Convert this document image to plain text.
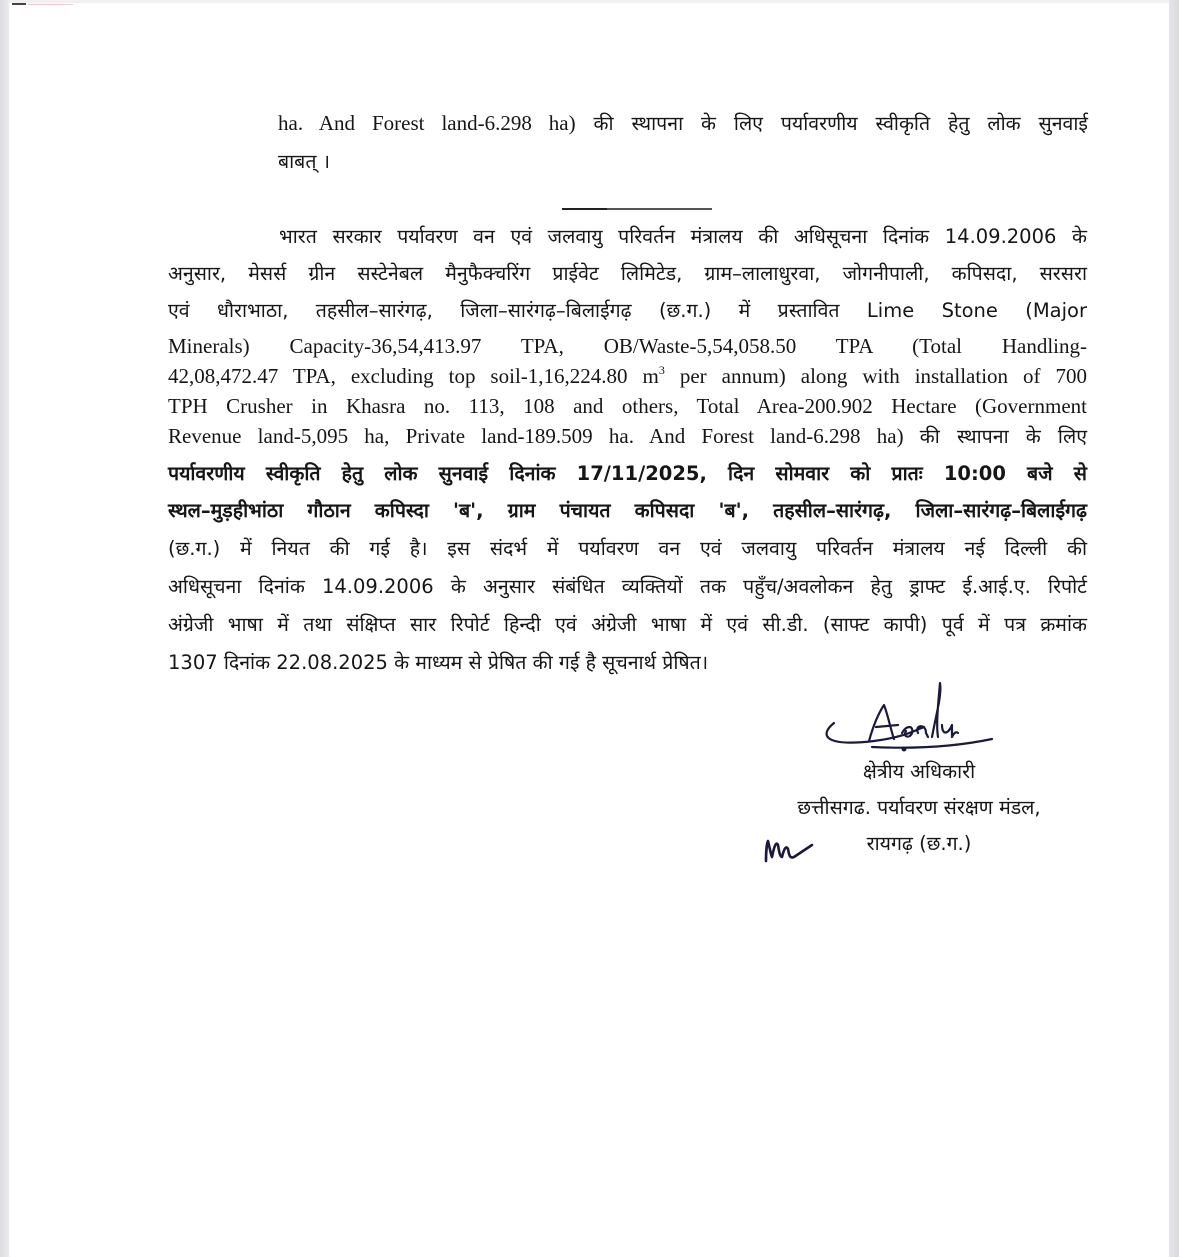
ha. And Forest land-6.298 ha) की स्थापना के लिए पर्यावरणीय स्वीकृति हेतु लोक सुनवाई
बाबत् ।
भारत सरकार पर्यावरण वन एवं जलवायु परिवर्तन मंत्रालय की अधिसूचना दिनांक 14.09.2006 के
अनुसार, मेसर्स ग्रीन सस्टेनेबल मैनुफैक्चरिंग प्राईवेट लिमिटेड, ग्राम–लालाधुरवा, जोगनीपाली, कपिसदा, सरसरा
एवं धौराभाठा, तहसील–सारंगढ़, जिला–सारंगढ़–बिलाईगढ़ (छ.ग.) में प्रस्तावित Lime Stone (Major
Minerals) Capacity-36,54,413.97 TPA, OB/Waste-5,54,058.50 TPA (Total Handling-
42,08,472.47 TPA, excluding top soil-1,16,224.80 $m^3$ per annum) along with installation of 700
TPH Crusher in Khasra no. 113, 108 and others, Total Area-200.902 Hectare (Government
Revenue land-5,095 ha, Private land-189.509 ha. And Forest land-6.298 ha) की स्थापना के लिए
पर्यावरणीय स्वीकृति हेतु लोक सुनवाई दिनांक 17/11/2025, दिन सोमवार को प्रातः 10:00 बजे से
स्थल–मुड़हीभांठा गौठान कपिस्दा 'ब', ग्राम पंचायत कपिसदा 'ब', तहसील–सारंगढ़, जिला–सारंगढ़–बिलाईगढ़
(छ.ग.) में नियत की गई है। इस संदर्भ में पर्यावरण वन एवं जलवायु परिवर्तन मंत्रालय नई दिल्ली की
अधिसूचना दिनांक 14.09.2006 के अनुसार संबंधित व्यक्तियों तक पहुँच/अवलोकन हेतु ड्राफ्ट ई.आई.ए. रिपोर्ट
अंग्रेजी भाषा में तथा संक्षिप्त सार रिपोर्ट हिन्दी एवं अंग्रेजी भाषा में एवं सी.डी. (साफ्ट कापी) पूर्व में पत्र क्रमांक
1307 दिनांक 22.08.2025 के माध्यम से प्रेषित की गई है सूचनार्थ प्रेषित।
क्षेत्रीय अधिकारी
छत्तीसगढ. पर्यावरण संरक्षण मंडल,
रायगढ़ (छ.ग.)
